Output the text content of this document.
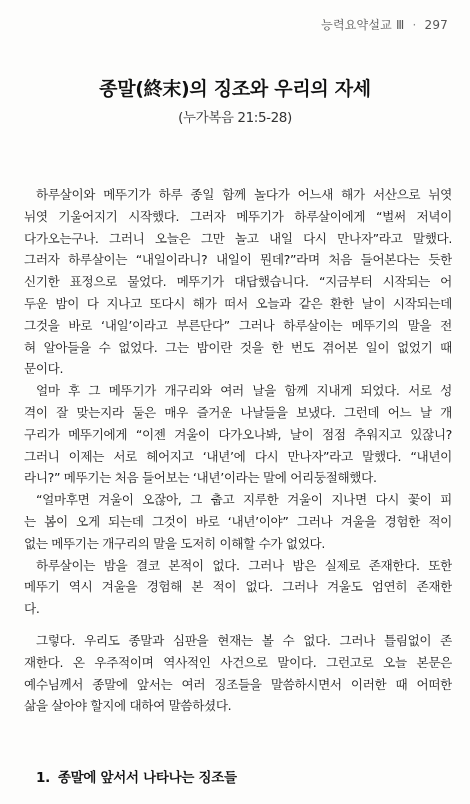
능력요약설교 Ⅲ · 297
종말(終末)의 징조와 우리의 자세
(누가복음 21:5-28)
하루살이와 메뚜기가 하루 종일 함께 놀다가 어느새 해가 서산으로 뉘엿
뉘엿 기울어지기 시작했다. 그러자 메뚜기가 하루살이에게 “벌써 저녁이
다가오는구나. 그러니 오늘은 그만 놀고 내일 다시 만나자”라고 말했다.
그러자 하루살이는 “내일이라니? 내일이 뭔데?”라며 처음 들어본다는 듯한
신기한 표정으로 물었다. 메뚜기가 대답했습니다. “지금부터 시작되는 어
두운 밤이 다 지나고 또다시 해가 떠서 오늘과 같은 환한 날이 시작되는데
그것을 바로 ‘내일’이라고 부른단다” 그러나 하루살이는 메뚜기의 말을 전
혀 알아들을 수 없었다. 그는 밤이란 것을 한 번도 겪어본 일이 없었기 때
문이다.
얼마 후 그 메뚜기가 개구리와 여러 날을 함께 지내게 되었다. 서로 성
격이 잘 맞는지라 둘은 매우 즐거운 나날들을 보냈다. 그런데 어느 날 개
구리가 메뚜기에게 “이젠 겨울이 다가오나봐, 날이 점점 추워지고 있잖니?
그러니 이제는 서로 헤어지고 ‘내년’에 다시 만나자”라고 말했다. “내년이
라니?” 메뚜기는 처음 들어보는 ‘내년’이라는 말에 어리둥절해했다.
“얼마후면 겨울이 오잖아, 그 춥고 지루한 겨울이 지나면 다시 꽃이 피
는 봄이 오게 되는데 그것이 바로 ‘내년’이야” 그러나 겨울을 경험한 적이
없는 메뚜기는 개구리의 말을 도저히 이해할 수가 없었다.
하루살이는 밤을 결코 본적이 없다. 그러나 밤은 실제로 존재한다. 또한
메뚜기 역시 겨울을 경험해 본 적이 없다. 그러나 겨울도 엄연히 존재한
다.
그렇다. 우리도 종말과 심판을 현재는 볼 수 없다. 그러나 틀림없이 존
재한다. 온 우주적이며 역사적인 사건으로 말이다. 그런고로 오늘 본문은
예수님께서 종말에 앞서는 여러 징조들을 말씀하시면서 이러한 때 어떠한
삶을 살아야 할지에 대하여 말씀하셨다.
1. 종말에 앞서서 나타나는 징조들
